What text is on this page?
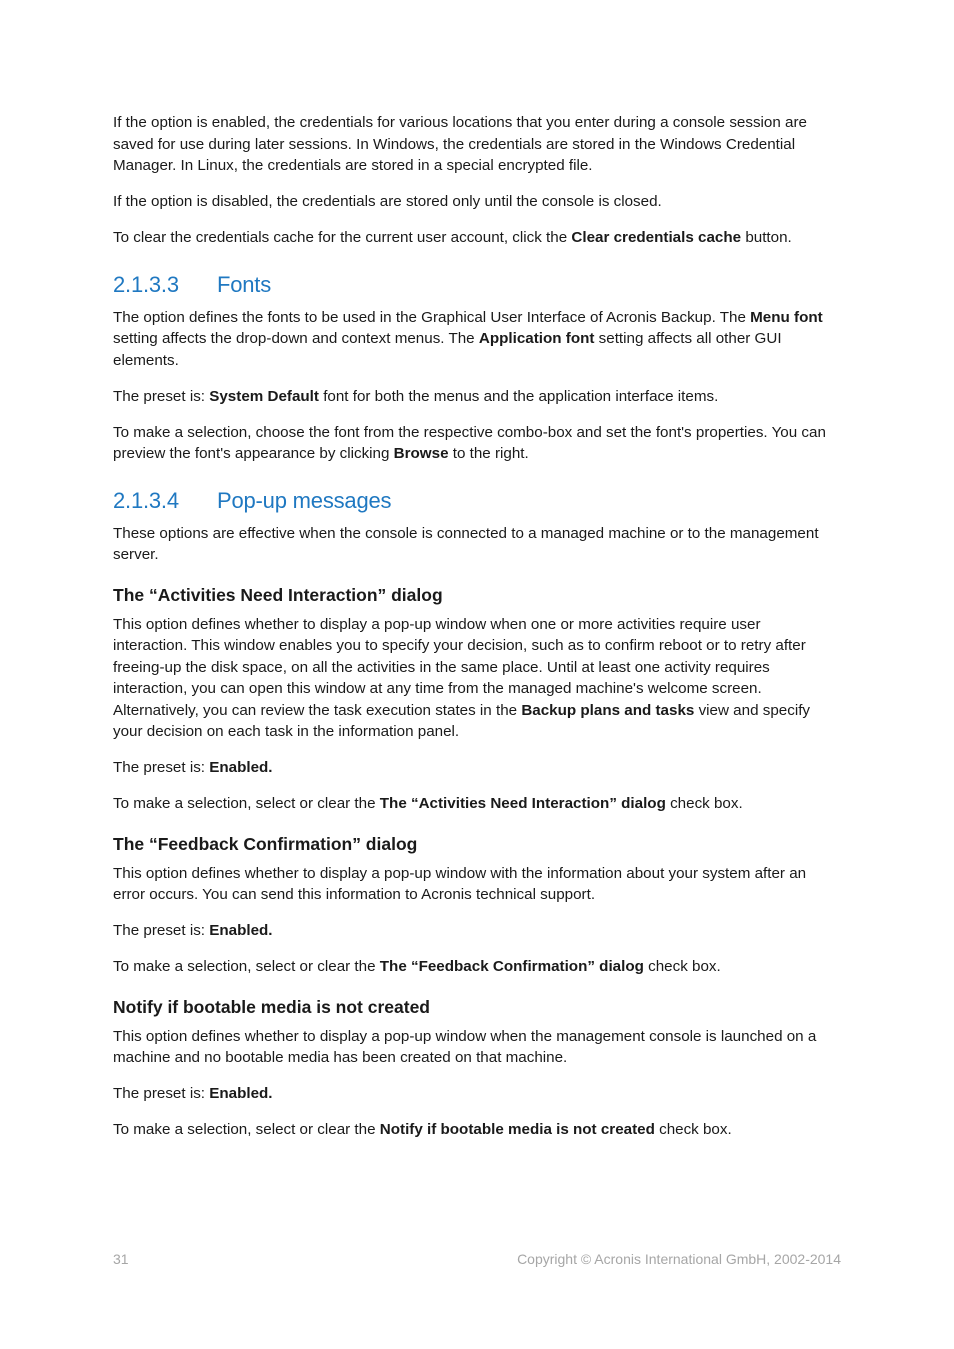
If the option is enabled, the credentials for various locations that you enter during a console session are saved for use during later sessions. In Windows, the credentials are stored in the Windows Credential Manager. In Linux, the credentials are stored in a special encrypted file.

If the option is disabled, the credentials are stored only until the console is closed.

To clear the credentials cache for the current user account, click the Clear credentials cache button.

2.1.3.3 Fonts

The option defines the fonts to be used in the Graphical User Interface of Acronis Backup. The Menu font setting affects the drop-down and context menus. The Application font setting affects all other GUI elements.

The preset is: System Default font for both the menus and the application interface items.

To make a selection, choose the font from the respective combo-box and set the font's properties. You can preview the font's appearance by clicking Browse to the right.

2.1.3.4 Pop-up messages

These options are effective when the console is connected to a managed machine or to the management server.

The “Activities Need Interaction” dialog

This option defines whether to display a pop-up window when one or more activities require user interaction. This window enables you to specify your decision, such as to confirm reboot or to retry after freeing-up the disk space, on all the activities in the same place. Until at least one activity requires interaction, you can open this window at any time from the managed machine's welcome screen. Alternatively, you can review the task execution states in the Backup plans and tasks view and specify your decision on each task in the information panel.

The preset is: Enabled.

To make a selection, select or clear the The “Activities Need Interaction” dialog check box.

The “Feedback Confirmation” dialog

This option defines whether to display a pop-up window with the information about your system after an error occurs. You can send this information to Acronis technical support.

The preset is: Enabled.

To make a selection, select or clear the The “Feedback Confirmation” dialog check box.

Notify if bootable media is not created

This option defines whether to display a pop-up window when the management console is launched on a machine and no bootable media has been created on that machine.

The preset is: Enabled.

To make a selection, select or clear the Notify if bootable media is not created check box.

31	Copyright © Acronis International GmbH, 2002-2014
